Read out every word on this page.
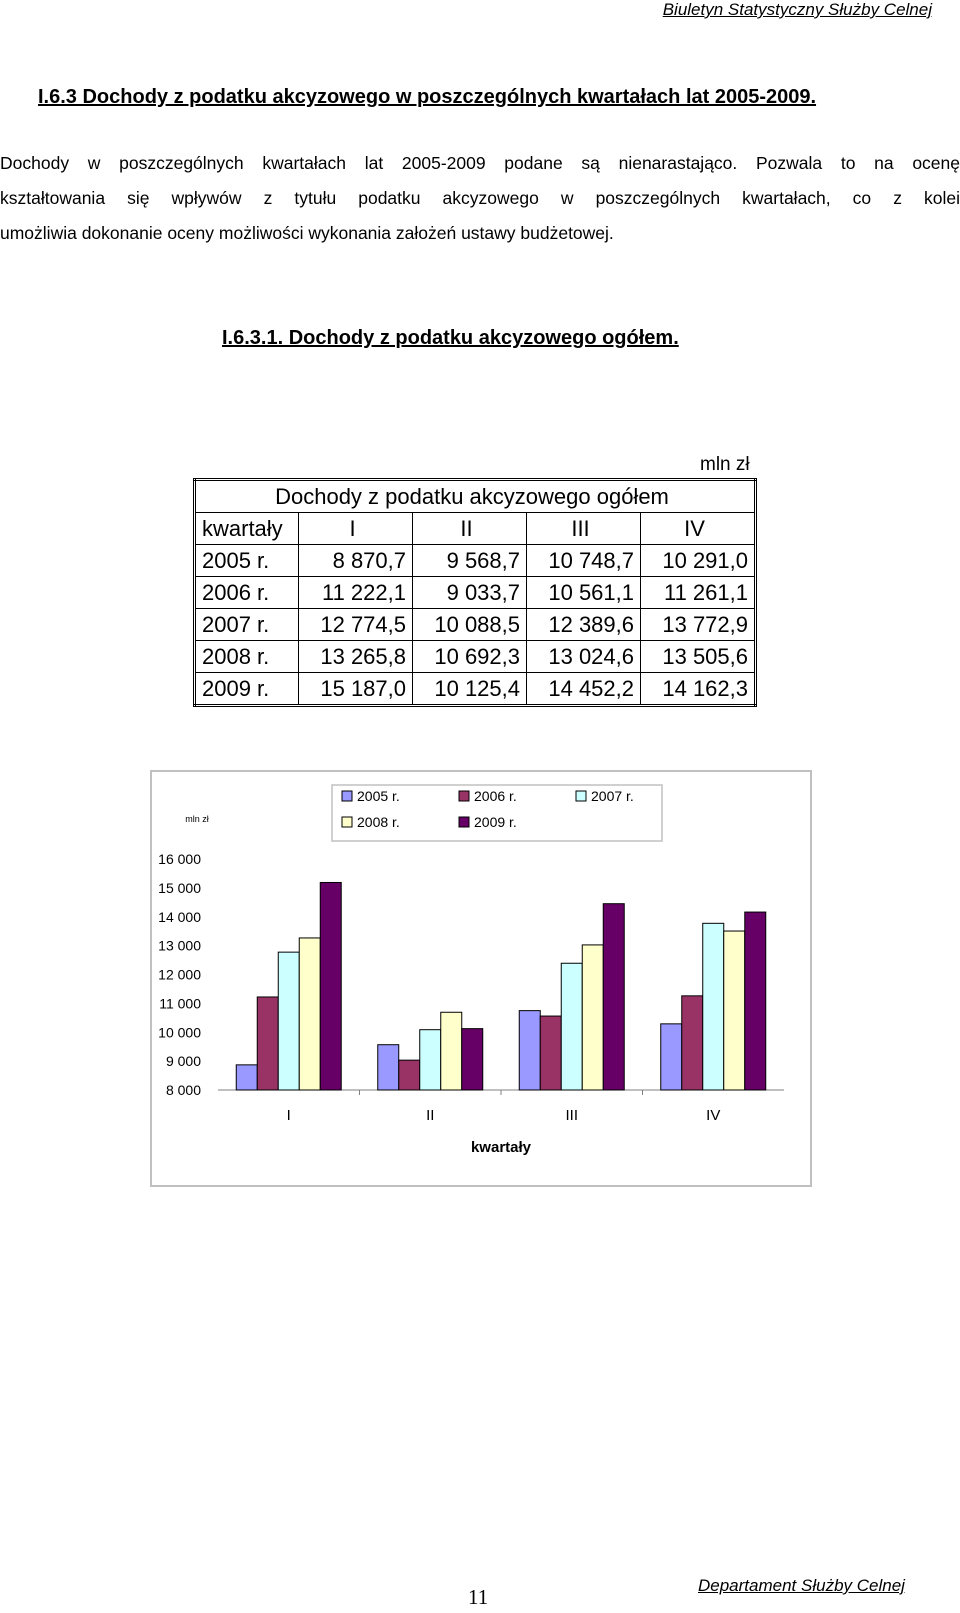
Biuletyn Statystyczny Służby Celnej
I.6.3 Dochody z podatku akcyzowego w poszczególnych kwartałach lat 2005-2009.
Dochody w poszczególnych kwartałach lat 2005-2009 podane są nienarastająco. Pozwala to na ocenę
kształtowania się wpływów z tytułu podatku akcyzowego w poszczególnych kwartałach, co z kolei
umożliwia dokonanie oceny możliwości wykonania założeń ustawy budżetowej.
I.6.3.1. Dochody z podatku akcyzowego ogółem.
mln zł
Dochody z podatku akcyzowego ogółem				
kwartały	I	II	III	IV
2005 r.	8 870,7	9 568,7	10 748,7	10 291,0
2006 r.	11 222,1	9 033,7	10 561,1	11 261,1
2007 r.	12 774,5	10 088,5	12 389,6	13 772,9
2008 r.	13 265,8	10 692,3	13 024,6	13 505,6
2009 r.	15 187,0	10 125,4	14 452,2	14 162,3
mln zł
16 000
15 000
14 000
13 000
12 000
11 000
10 000
9 000
8 000
I	II	III	IV
kwartały
2005 r.	2006 r.	2007 r.
2008 r.	2009 r.
11	Departament Służby Celnej
